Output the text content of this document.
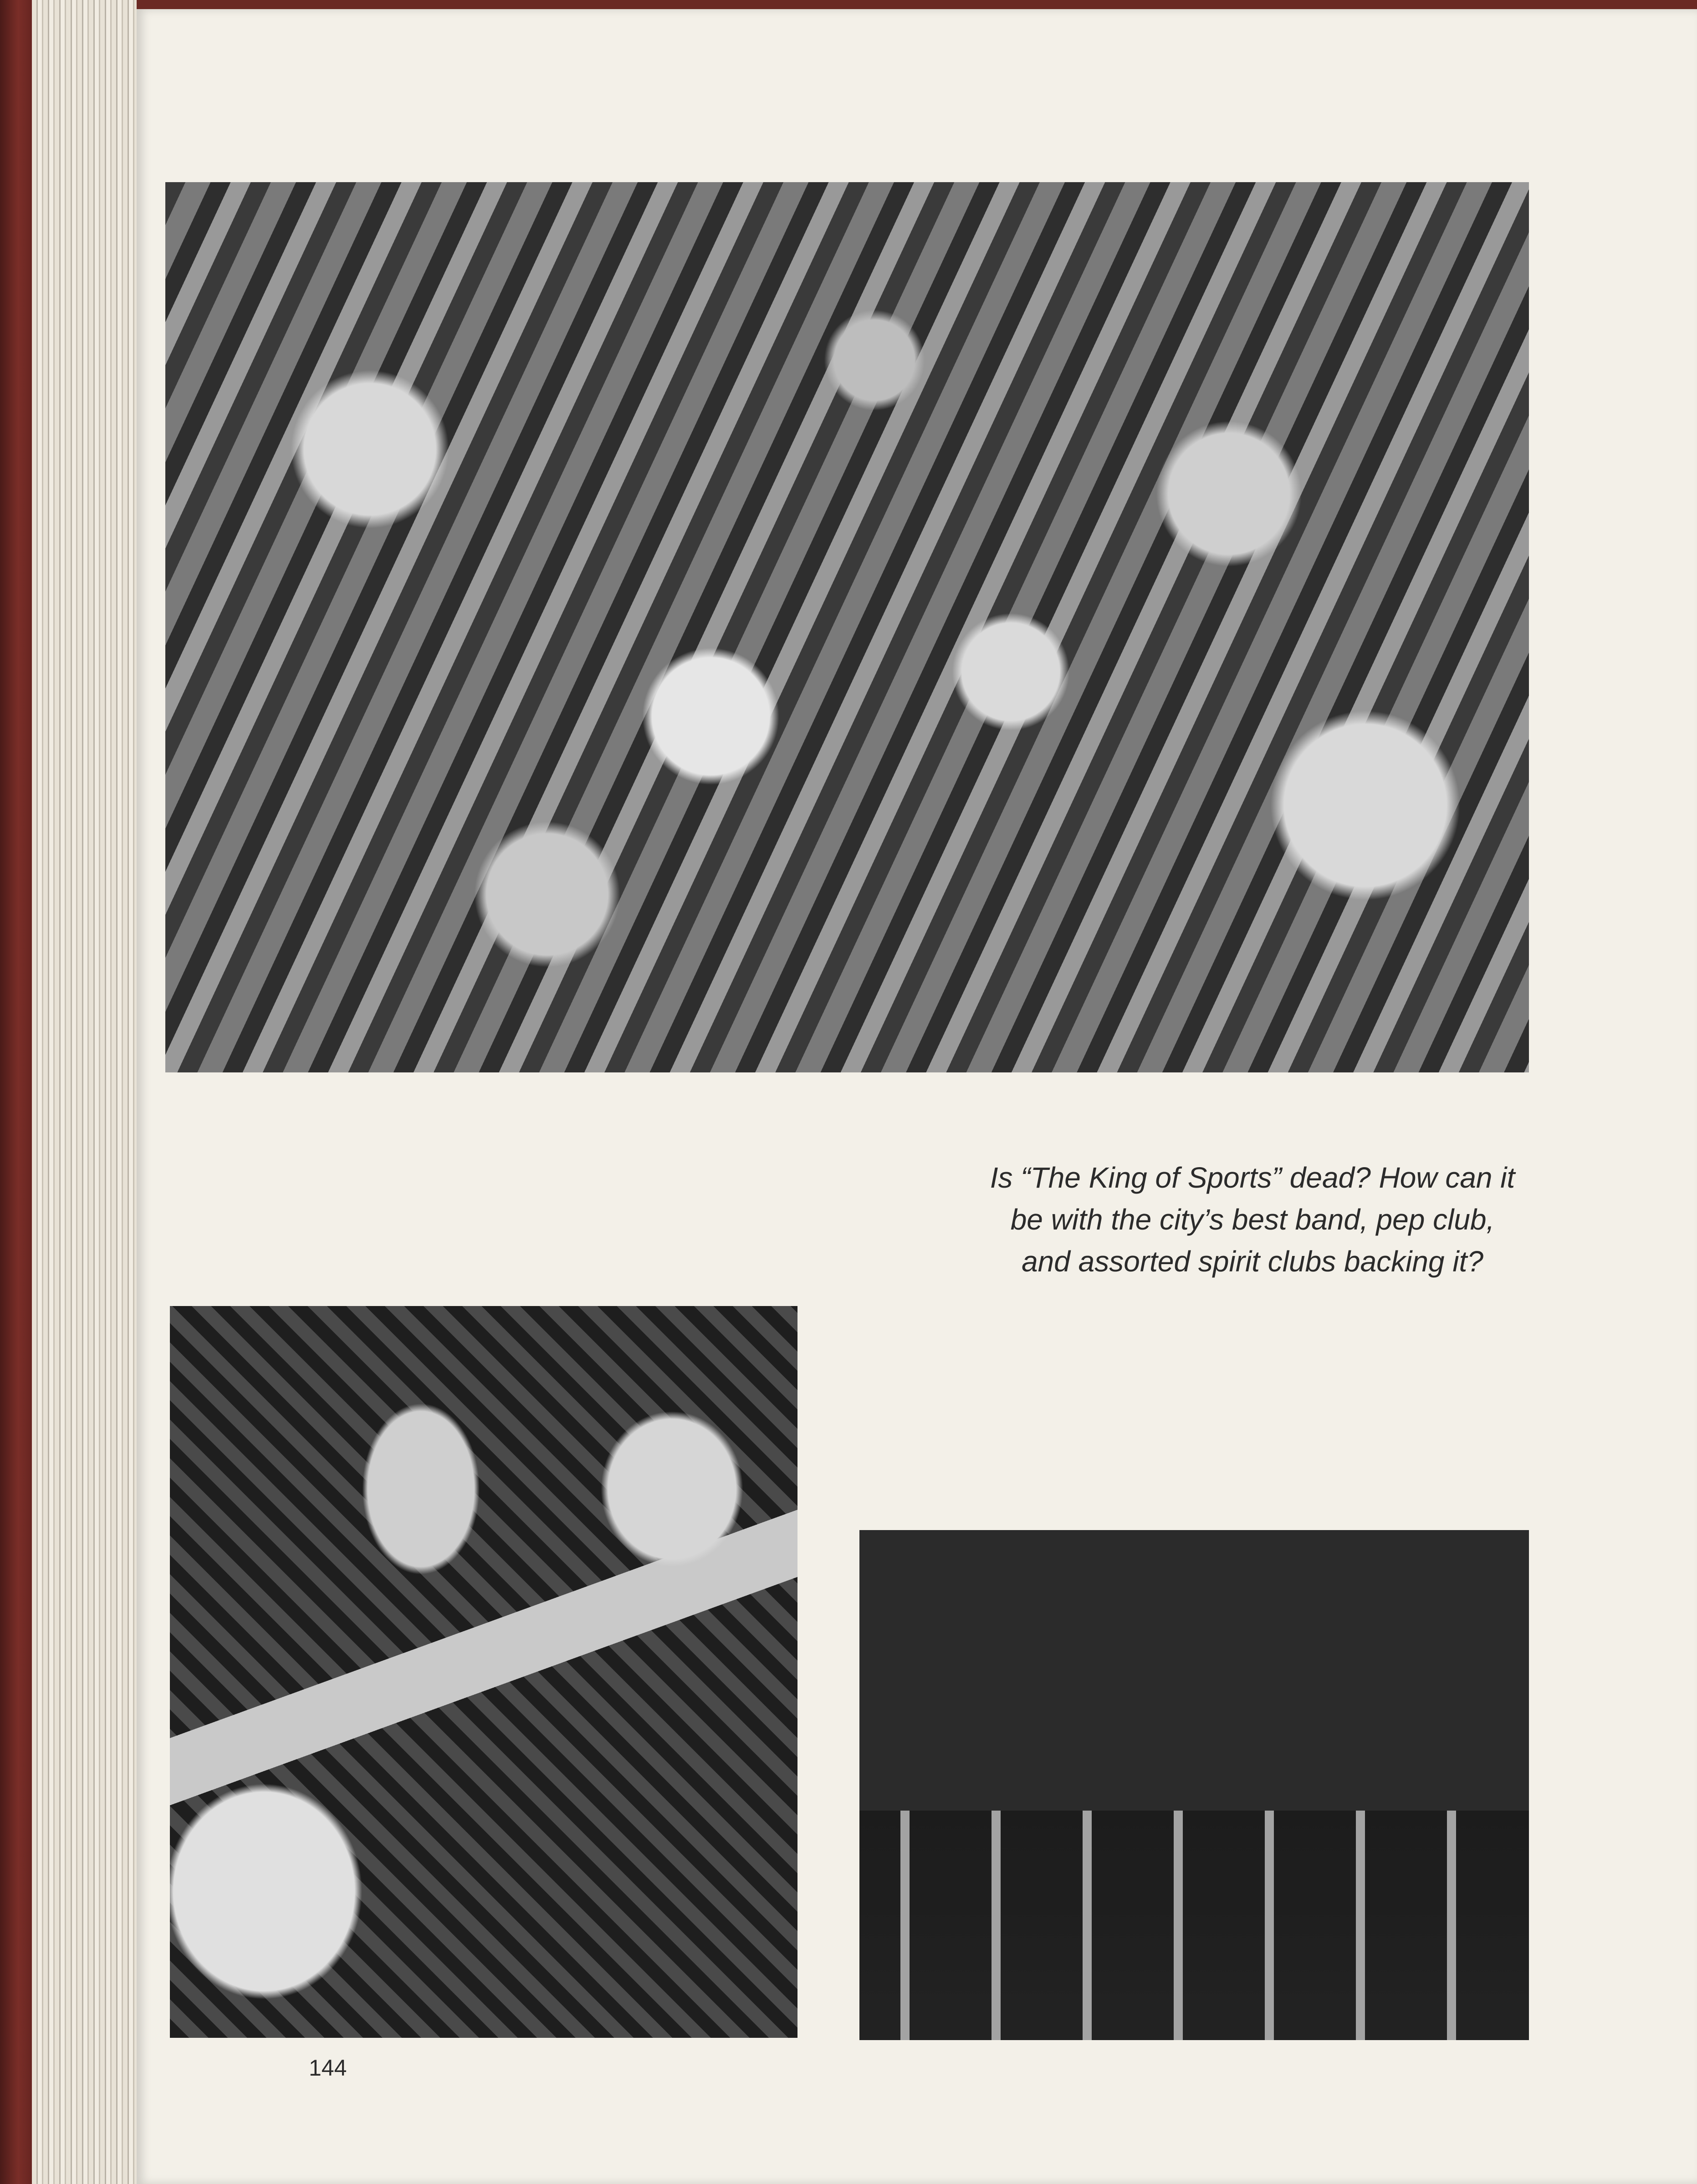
Is “The King of Sports” dead? How can it
be with the city’s best band, pep club,
and assorted spirit clubs backing it?

144
